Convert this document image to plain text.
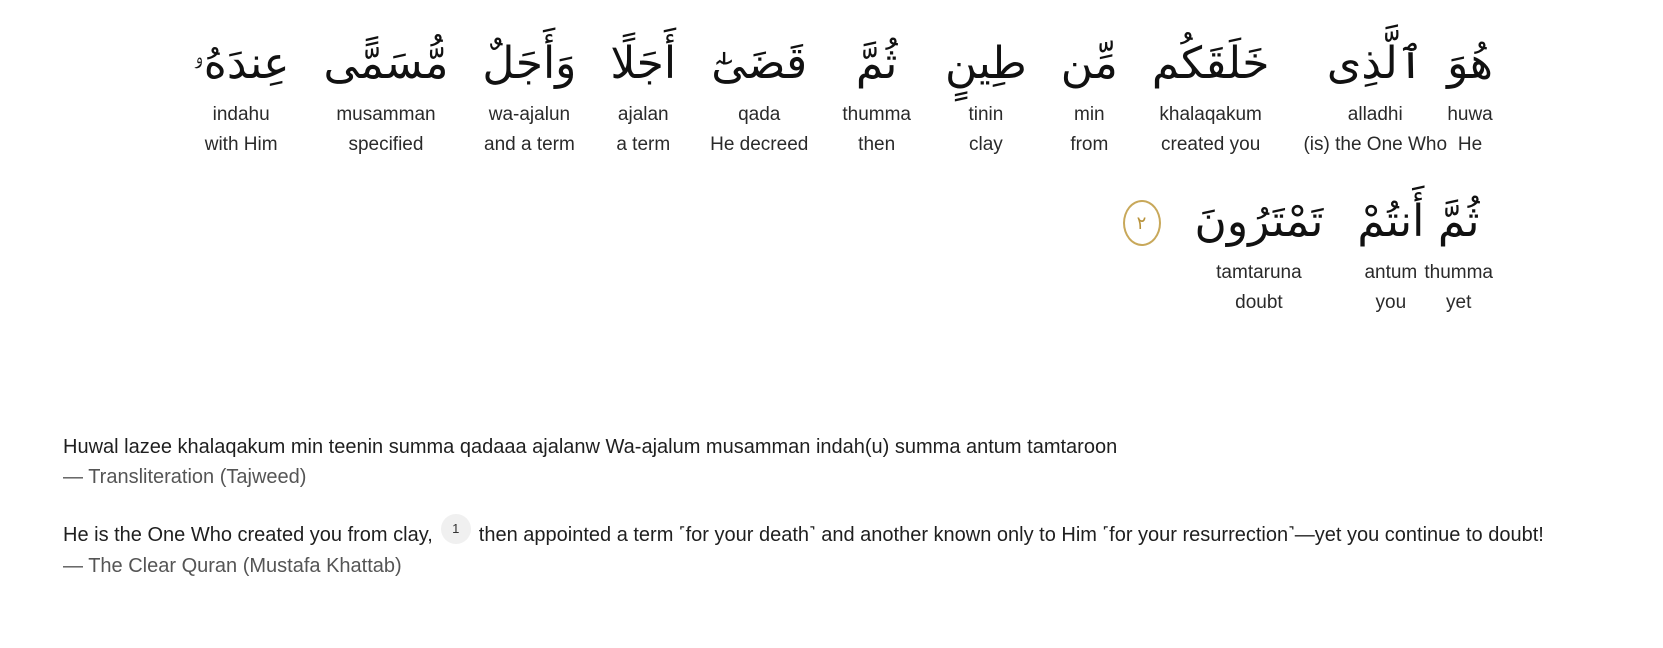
هُوَ
huwa
He
ٱلَّذِى
alladhi
(is) the One Who
خَلَقَكُم
khalaqakum
created you
مِّن
min
from
طِينٍ
tinin
clay
ثُمَّ
thumma
then
قَضَىٰٓ
qada
He decreed
أَجَلًا
ajalan
a term
وَأَجَلٌ
wa-ajalun
and a term
مُّسَمًّى
musamman
specified
عِندَهُۥ
indahu
with Him
ثُمَّ
thumma
yet
أَنتُمْ
antum
you
تَمْتَرُونَ
tamtaruna
doubt
٢
Huwal lazee khalaqakum min teenin summa qadaaa ajalanw Wa-ajalum musamman indah(u) summa antum tamtaroon
— Transliteration (Tajweed)
He is the One Who created you from clay, 1 then appointed a term ˹for your death˺ and another known only to Him ˹for your resurrection˺—yet you continue to doubt!
— The Clear Quran (Mustafa Khattab)
